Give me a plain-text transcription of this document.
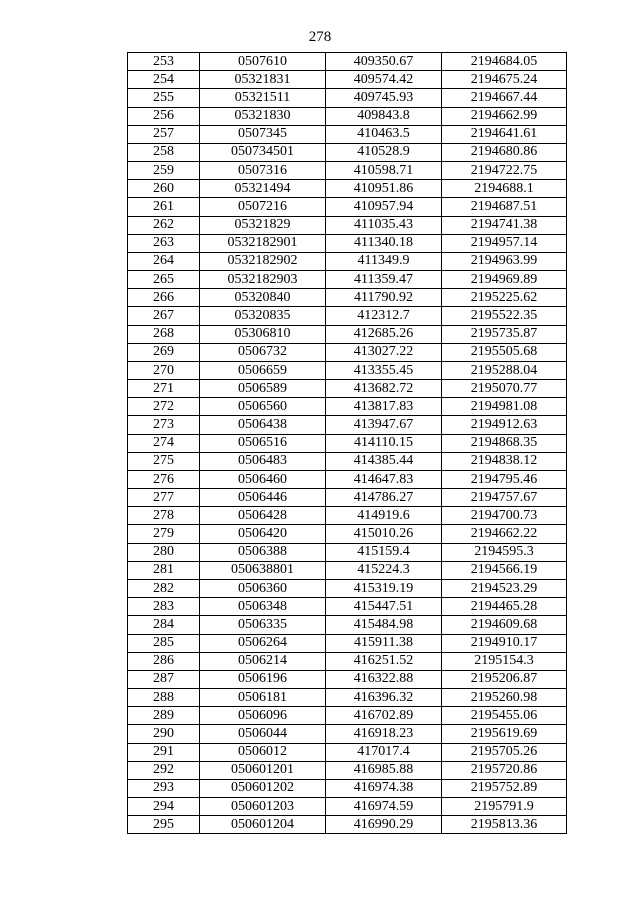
278
·
253	0507610	409350.67	2194684.05
254	05321831	409574.42	2194675.24
255	05321511	409745.93	2194667.44
256	05321830	409843.8	2194662.99
257	0507345	410463.5	2194641.61
258	050734501	410528.9	2194680.86
259	0507316	410598.71	2194722.75
260	05321494	410951.86	2194688.1
261	0507216	410957.94	2194687.51
262	05321829	411035.43	2194741.38
263	0532182901	411340.18	2194957.14
264	0532182902	411349.9	2194963.99
265	0532182903	411359.47	2194969.89
266	05320840	411790.92	2195225.62
267	05320835	412312.7	2195522.35
268	05306810	412685.26	2195735.87
269	0506732	413027.22	2195505.68
270	0506659	413355.45	2195288.04
271	0506589	413682.72	2195070.77
272	0506560	413817.83	2194981.08
273	0506438	413947.67	2194912.63
274	0506516	414110.15	2194868.35
275	0506483	414385.44	2194838.12
276	0506460	414647.83	2194795.46
277	0506446	414786.27	2194757.67
278	0506428	414919.6	2194700.73
279	0506420	415010.26	2194662.22
280	0506388	415159.4	2194595.3
281	050638801	415224.3	2194566.19
282	0506360	415319.19	2194523.29
283	0506348	415447.51	2194465.28
284	0506335	415484.98	2194609.68
285	0506264	415911.38	2194910.17
286	0506214	416251.52	2195154.3
287	0506196	416322.88	2195206.87
288	0506181	416396.32	2195260.98
289	0506096	416702.89	2195455.06
290	0506044	416918.23	2195619.69
291	0506012	417017.4	2195705.26
292	050601201	416985.88	2195720.86
293	050601202	416974.38	2195752.89
294	050601203	416974.59	2195791.9
295	050601204	416990.29	2195813.36
